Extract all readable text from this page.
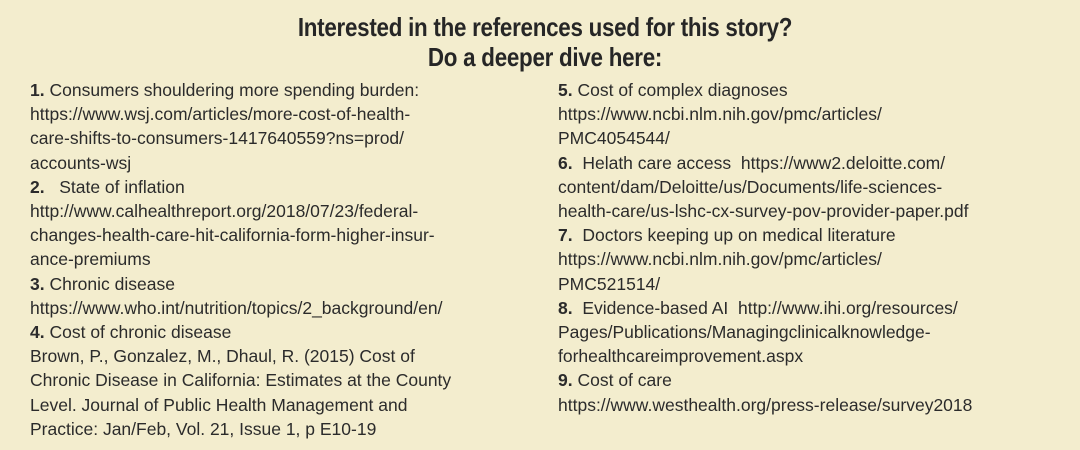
Interested in the references used for this story?
Do a deeper dive here:
1. Consumers shouldering more spending burden:
https://www.wsj.com/articles/more-cost-of-health-
care-shifts-to-consumers-1417640559?ns=prod/
accounts-wsj
2.   State of inflation
http://www.calhealthreport.org/2018/07/23/federal-
changes-health-care-hit-california-form-higher-insur-
ance-premiums
3. Chronic disease
https://www.who.int/nutrition/topics/2_background/en/
4. Cost of chronic disease
Brown, P., Gonzalez, M., Dhaul, R. (2015) Cost of
Chronic Disease in California: Estimates at the County
Level. Journal of Public Health Management and
Practice: Jan/Feb, Vol. 21, Issue 1, p E10-19
5. Cost of complex diagnoses
https://www.ncbi.nlm.nih.gov/pmc/articles/
PMC4054544/
6.  Helath care access  https://www2.deloitte.com/
content/dam/Deloitte/us/Documents/life-sciences-
health-care/us-lshc-cx-survey-pov-provider-paper.pdf
7.  Doctors keeping up on medical literature
https://www.ncbi.nlm.nih.gov/pmc/articles/
PMC521514/
8.  Evidence-based AI  http://www.ihi.org/resources/
Pages/Publications/Managingclinicalknowledge-
forhealthcareimprovement.aspx
9. Cost of care
https://www.westhealth.org/press-release/survey2018
